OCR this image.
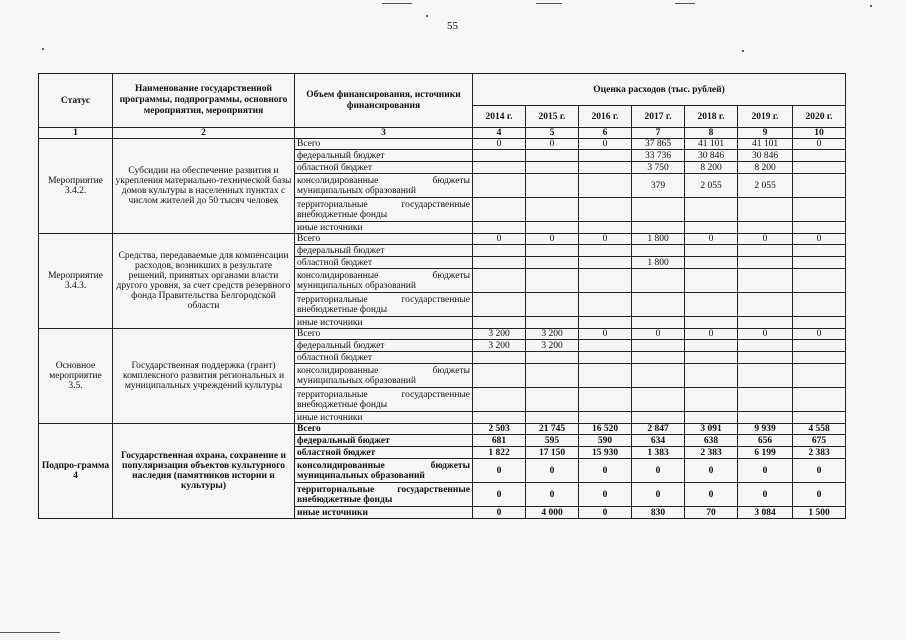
55
Статус	Наименование государственной программы, подпрограммы, основного мероприятия, мероприятия	Объем финансирования, источники финансирования	Оценка расходов (тыс. рублей)						
			2014 г.	2015 г.	2016 г.	2017 г.	2018 г.	2019 г.	2020 г.
1	2	3	4	5	6	7	8	9	10
Мероприятие 3.4.2.	Субсидии на обеспечение развития и укрепления материально-технической базы домов культуры в населенных пунктах с числом жителей до 50 тысяч человек	Всего	0	0	0	37 865	41 101	41 101	0
		федеральный бюджет				33 736	30 846	30 846	
		областной бюджет				3 750	8 200	8 200	
		консолидированные бюджеты муниципальных образований				379	2 055	2 055	
		территориальные государственные внебюджетные фонды							
		иные источники							
Мероприятие 3.4.3.	Средства, передаваемые для компенсации расходов, возникших в результате решений, принятых органами власти другого уровня, за счет средств резервного фонда Правительства Белгородской области	Всего	0	0	0	1 800	0	0	0
		федеральный бюджет							
		областной бюджет				1 800			
		консолидированные бюджеты муниципальных образований							
		территориальные государственные внебюджетные фонды							
		иные источники							
Основное мероприятие 3.5.	Государственная поддержка (грант) комплексного развития региональных и муниципальных учреждений культуры	Всего	3 200	3 200	0	0	0	0	0
		федеральный бюджет	3 200	3 200					
		областной бюджет							
		консолидированные бюджеты муниципальных образований							
		территориальные государственные внебюджетные фонды							
		иные источники							
Подпро-грамма 4	Государственная охрана, сохранение и популяризация объектов культурного наследия (памятников истории и культуры)	Всего	2 503	21 745	16 520	2 847	3 091	9 939	4 558
		федеральный бюджет	681	595	590	634	638	656	675
		областной бюджет	1 822	17 150	15 930	1 383	2 383	6 199	2 383
		консолидированные бюджеты муниципальных образований	0	0	0	0	0	0	0
		территориальные государственные внебюджетные фонды	0	0	0	0	0	0	0
		иные источники	0	4 000	0	830	70	3 084	1 500
